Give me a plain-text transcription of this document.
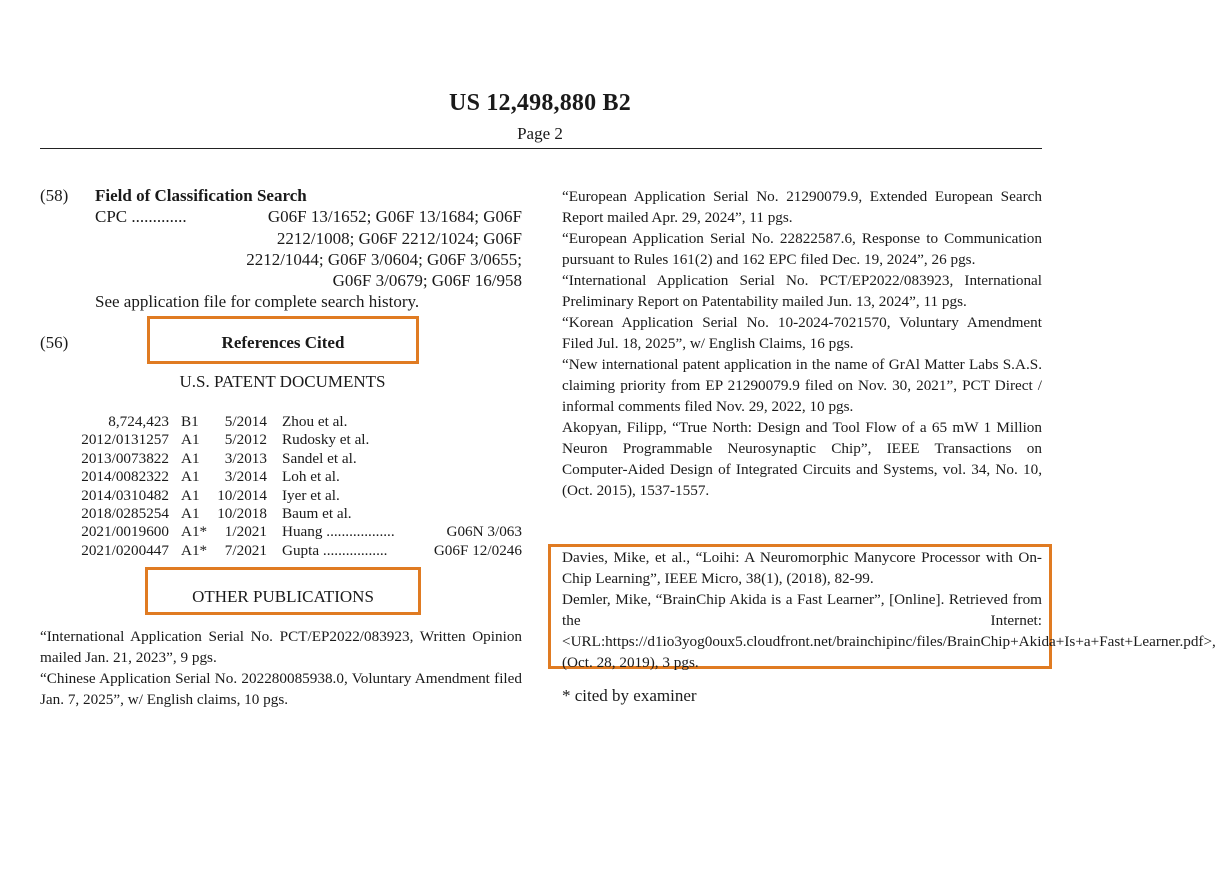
US 12,498,880 B2
Page 2
(58) Field of Classification Search
CPC .............	G06F 13/1652; G06F 13/1684; G06F
2212/1008; G06F 2212/1024; G06F
2212/1044; G06F 3/0604; G06F 3/0655;
G06F 3/0679; G06F 16/958
See application file for complete search history.
(56)	References Cited
U.S. PATENT DOCUMENTS
8,724,423 B1 5/2014 Zhou et al.
2012/0131257 A1 5/2012 Rudosky et al.
2013/0073822 A1 3/2013 Sandel et al.
2014/0082322 A1 3/2014 Loh et al.
2014/0310482 A1 10/2014 Iyer et al.
2018/0285254 A1 10/2018 Baum et al.
2021/0019600 A1* 1/2021 Huang ..................	G06N 3/063
2021/0200447 A1* 7/2021 Gupta .................	G06F 12/0246
OTHER PUBLICATIONS

“International Application Serial No. PCT/EP2022/083923, Written Opinion mailed Jan. 21, 2023”, 9 pgs.

“Chinese Application Serial No. 202280085938.0, Voluntary Amendment filed Jan. 7, 2025”, w/ English claims, 10 pgs.

“European Application Serial No. 21290079.9, Extended European Search Report mailed Apr. 29, 2024”, 11 pgs.

“European Application Serial No. 22822587.6, Response to Communication pursuant to Rules 161(2) and 162 EPC filed Dec. 19, 2024”, 26 pgs.

“International Application Serial No. PCT/EP2022/083923, International Preliminary Report on Patentability mailed Jun. 13, 2024”, 11 pgs.

“Korean Application Serial No. 10-2024-7021570, Voluntary Amendment Filed Jul. 18, 2025”, w/ English Claims, 16 pgs.

“New international patent application in the name of GrAl Matter Labs S.A.S. claiming priority from EP 21290079.9 filed on Nov. 30, 2021”, PCT Direct / informal comments filed Nov. 29, 2022, 10 pgs.

Akopyan, Filipp, “True North: Design and Tool Flow of a 65 mW 1 Million Neuron Programmable Neurosynaptic Chip”, IEEE Transactions on Computer-Aided Design of Integrated Circuits and Systems, vol. 34, No. 10, (Oct. 2015), 1537-1557.

Davies, Mike, et al., “Loihi: A Neuromorphic Manycore Processor with On-Chip Learning”, IEEE Micro, 38(1), (2018), 82-99.

Demler, Mike, “BrainChip Akida is a Fast Learner”, [Online]. Retrieved from the Internet: <URL:https://d1io3yog0oux5.cloudfront.net/brainchipinc/files/BrainChip+Akida+Is+a+Fast+Learner.pdf>, (Oct. 28, 2019), 3 pgs.

* cited by examiner
